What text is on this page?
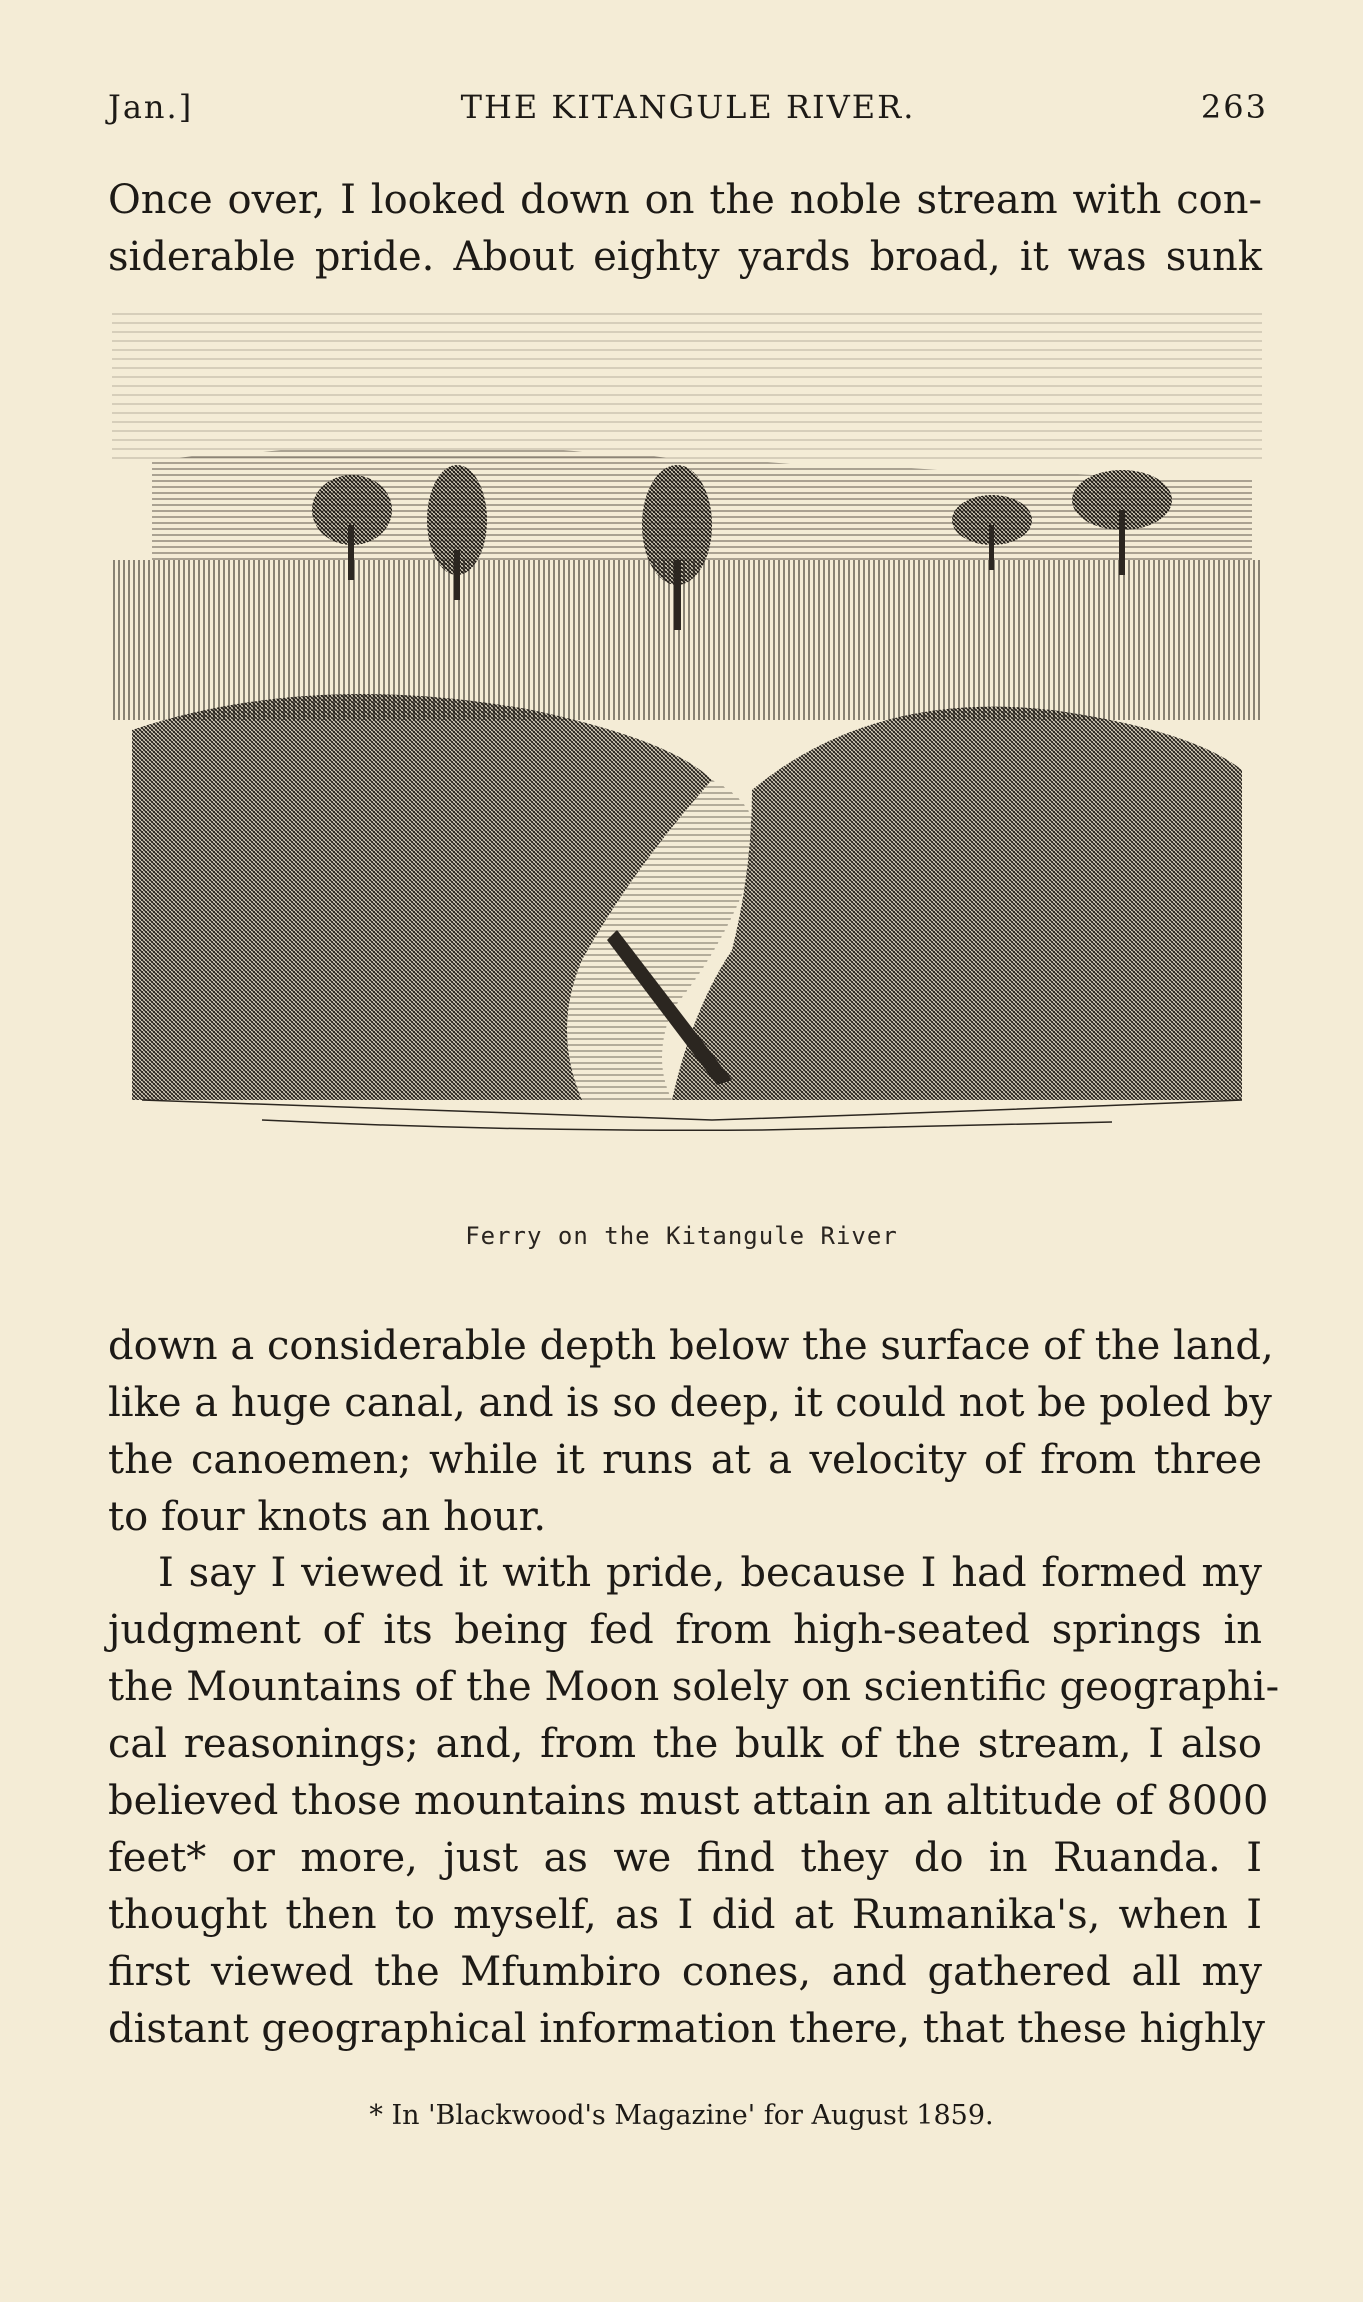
Jan.]	THE KITANGULE RIVER.	263
Once over, I looked down on the noble stream with con-
siderable pride. About eighty yards broad, it was sunk
Ferry on the Kitangule River
down a considerable depth below the surface of the land,
like a huge canal, and is so deep, it could not be poled by
the canoemen; while it runs at a velocity of from three
to four knots an hour.
I say I viewed it with pride, because I had formed my
judgment of its being fed from high-seated springs in
the Mountains of the Moon solely on scientific geographi-
cal reasonings; and, from the bulk of the stream, I also
believed those mountains must attain an altitude of 8000
feet* or more, just as we find they do in Ruanda. I
thought then to myself, as I did at Rumanika's, when I
first viewed the Mfumbiro cones, and gathered all my
distant geographical information there, that these highly
* In 'Blackwood's Magazine' for August 1859.
